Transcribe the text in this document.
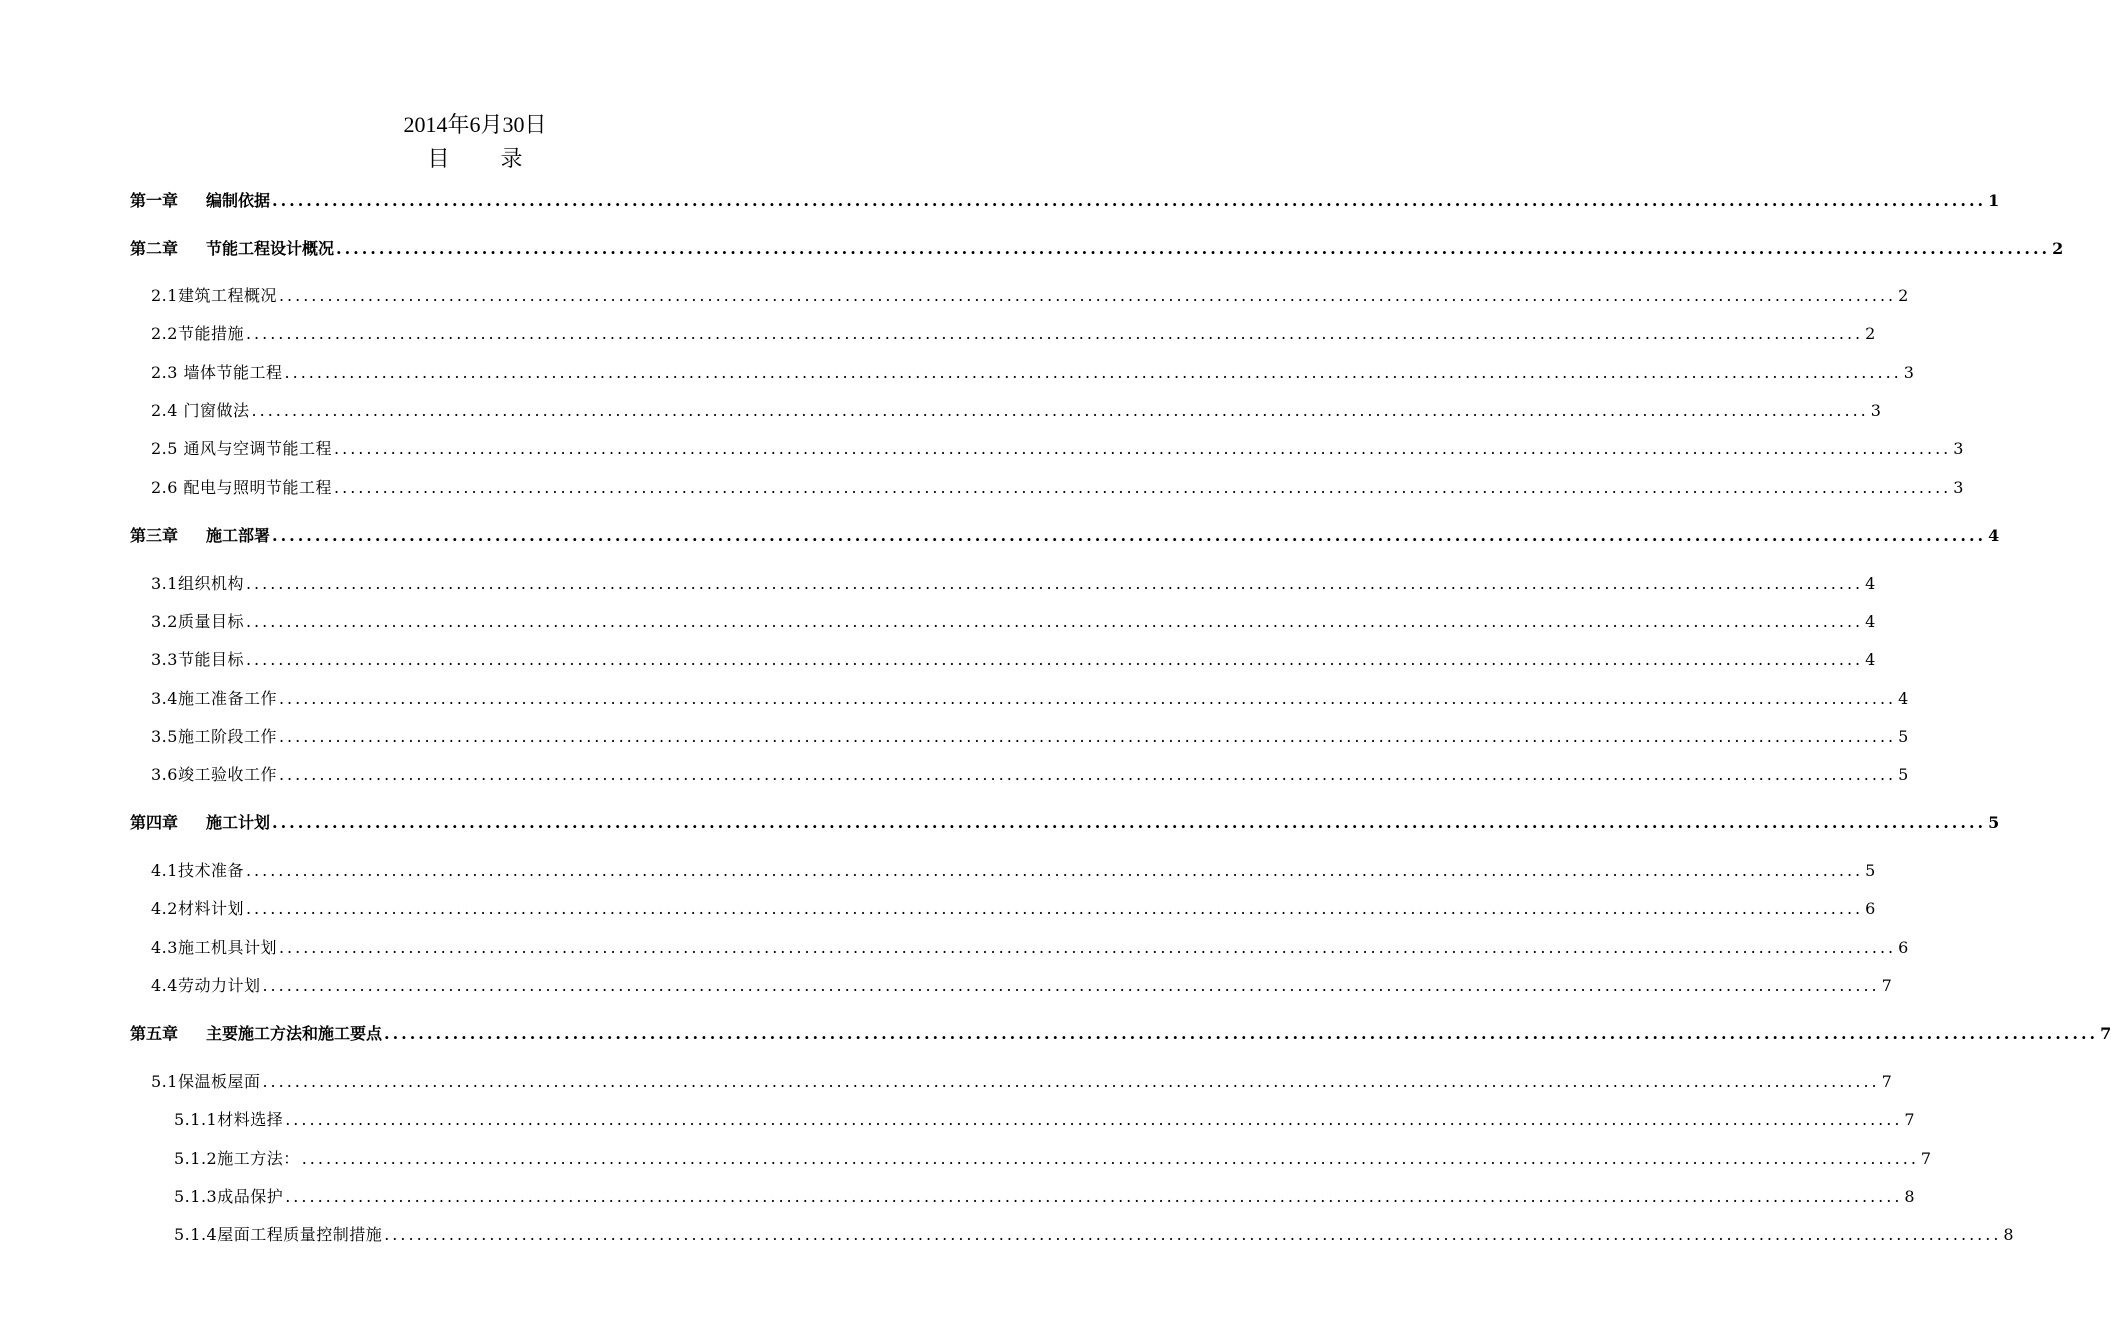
2014年6月30日
目 录
第一章 编制依据 ........................................................................................................................................................................................................ 1
第二章 节能工程设计概况 ........................................................................................................................................................................................................ 2
2.1建筑工程概况 ........................................................................................................................................................................................................ 2
2.2节能措施 ........................................................................................................................................................................................................ 2
2.3 墙体节能工程 ........................................................................................................................................................................................................ 3
2.4 门窗做法 ........................................................................................................................................................................................................ 3
2.5 通风与空调节能工程 ........................................................................................................................................................................................................ 3
2.6 配电与照明节能工程 ........................................................................................................................................................................................................ 3
第三章 施工部署 ........................................................................................................................................................................................................ 4
3.1组织机构 ........................................................................................................................................................................................................ 4
3.2质量目标 ........................................................................................................................................................................................................ 4
3.3节能目标 ........................................................................................................................................................................................................ 4
3.4施工准备工作 ........................................................................................................................................................................................................ 4
3.5施工阶段工作 ........................................................................................................................................................................................................ 5
3.6竣工验收工作 ........................................................................................................................................................................................................ 5
第四章 施工计划 ........................................................................................................................................................................................................ 5
4.1技术准备 ........................................................................................................................................................................................................ 5
4.2材料计划 ........................................................................................................................................................................................................ 6
4.3施工机具计划 ........................................................................................................................................................................................................ 6
4.4劳动力计划 ........................................................................................................................................................................................................ 7
第五章 主要施工方法和施工要点 ........................................................................................................................................................................................................ 7
5.1保温板屋面 ........................................................................................................................................................................................................ 7
5.1.1材料选择 ........................................................................................................................................................................................................ 7
5.1.2施工方法： ........................................................................................................................................................................................................ 7
5.1.3成品保护 ........................................................................................................................................................................................................ 8
5.1.4屋面工程质量控制措施 ........................................................................................................................................................................................................ 8
